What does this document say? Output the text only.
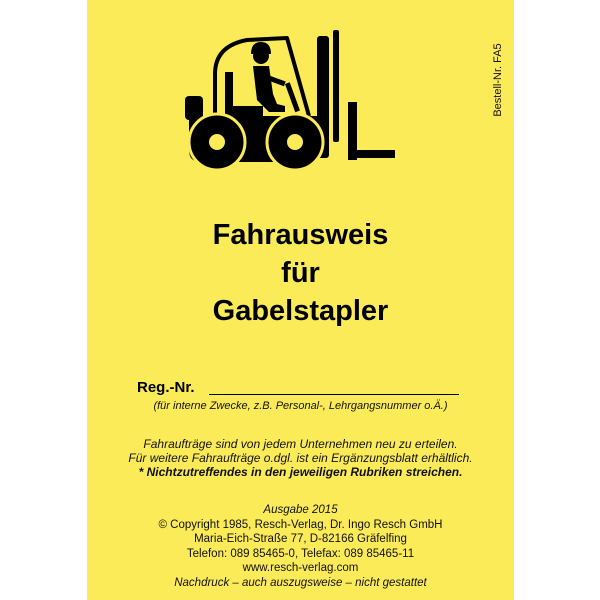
Bestell-Nr. FA5
Fahrausweis
für
Gabelstapler
Reg.-Nr.
(für interne Zwecke, z.B. Personal-, Lehrgangsnummer o.Ä.)
Fahraufträge sind von jedem Unternehmen neu zu erteilen.
Für weitere Fahraufträge o.dgl. ist ein Ergänzungsblatt erhältlich.
* Nichtzutreffendes in den jeweiligen Rubriken streichen.
Ausgabe 2015
© Copyright 1985, Resch-Verlag, Dr. Ingo Resch GmbH
Maria-Eich-Straße 77, D-82166 Gräfelfing
Telefon: 089 85465-0, Telefax: 089 85465-11
www.resch-verlag.com
Nachdruck – auch auszugsweise – nicht gestattet
